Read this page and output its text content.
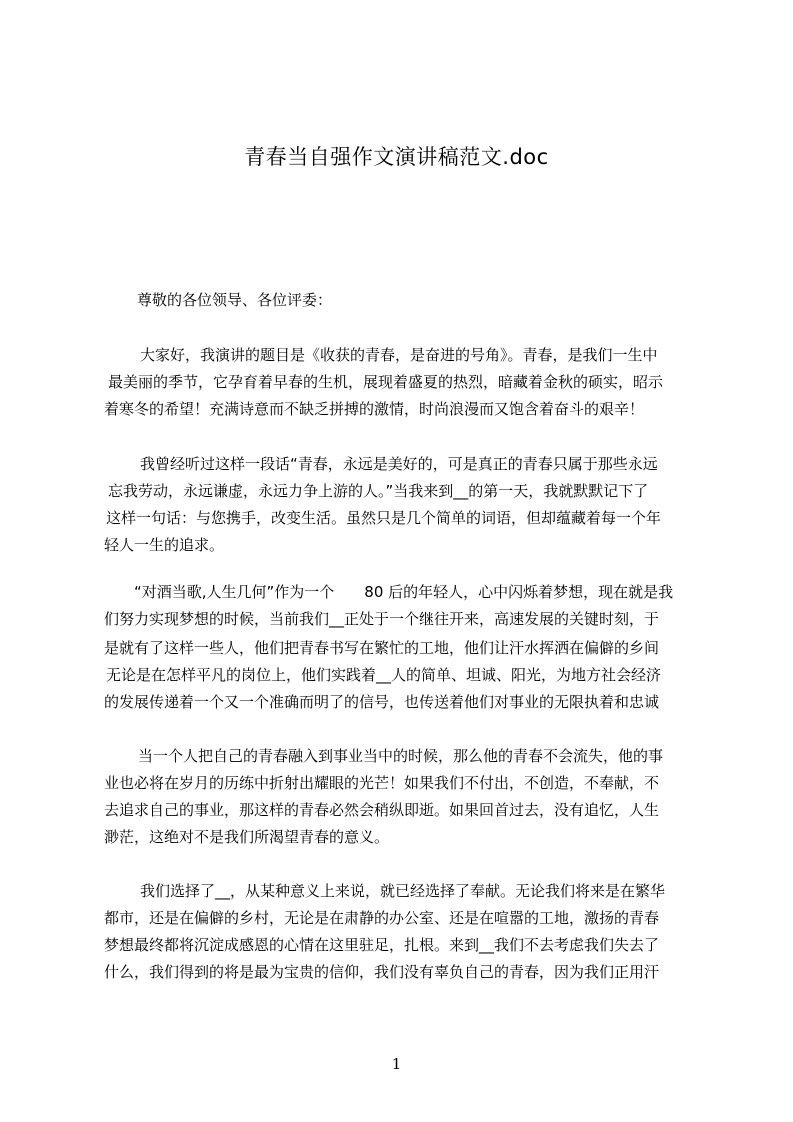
青春当自强作文演讲稿范文.doc
尊敬的各位领导、各位评委：
大家好，我演讲的题目是《收获的青春，是奋进的号角》。青春，是我们一生中
最美丽的季节，它孕育着早春的生机，展现着盛夏的热烈，暗藏着金秋的硕实，昭示
着寒冬的希望！充满诗意而不缺乏拼搏的激情，时尚浪漫而又饱含着奋斗的艰辛！
我曾经听过这样一段话“青春，永远是美好的，可是真正的青春只属于那些永远
忘我劳动，永远谦虚，永远力争上游的人。”当我来到__的第一天，我就默默记下了
这样一句话：与您携手，改变生活。虽然只是几个简单的词语，但却蕴藏着每一个年
轻人一生的追求。
“对酒当歌,人生几何”作为一个　　80 后的年轻人，心中闪烁着梦想，现在就是我
们努力实现梦想的时候，当前我们__正处于一个继往开来，高速发展的关键时刻，于
是就有了这样一些人，他们把青春书写在繁忙的工地，他们让汗水挥洒在偏僻的乡间
无论是在怎样平凡的岗位上，他们实践着__人的简单、坦诚、阳光，为地方社会经济
的发展传递着一个又一个准确而明了的信号，也传送着他们对事业的无限执着和忠诚
当一个人把自己的青春融入到事业当中的时候，那么他的青春不会流失，他的事
业也必将在岁月的历练中折射出耀眼的光芒！如果我们不付出，不创造，不奉献，不
去追求自己的事业，那这样的青春必然会稍纵即逝。如果回首过去，没有追忆，人生
渺茫，这绝对不是我们所渴望青春的意义。
我们选择了__，从某种意义上来说，就已经选择了奉献。无论我们将来是在繁华
都市，还是在偏僻的乡村，无论是在肃静的办公室、还是在喧嚣的工地，激扬的青春
梦想最终都将沉淀成感恩的心情在这里驻足，扎根。来到__我们不去考虑我们失去了
什么，我们得到的将是最为宝贵的信仰，我们没有辜负自己的青春，因为我们正用汗
1
